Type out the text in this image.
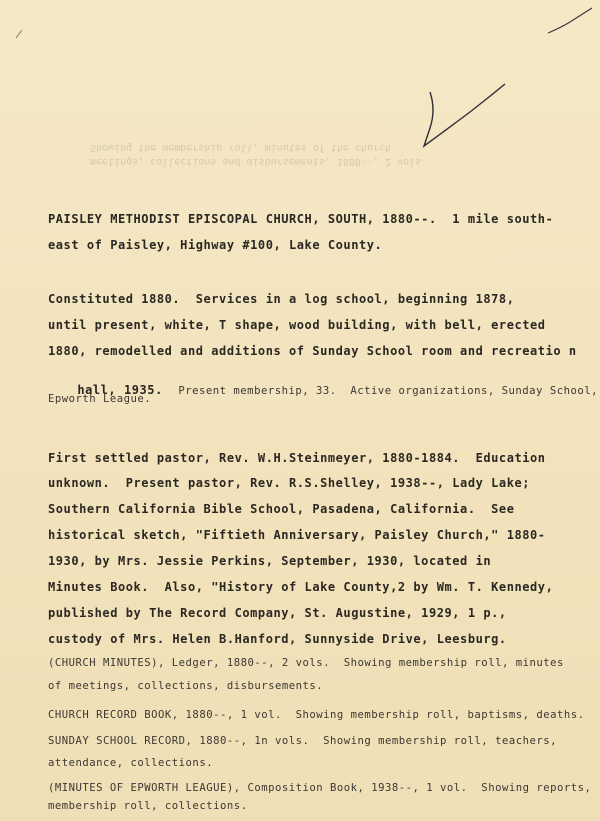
Showing the membership roll, minutes of the church
meetings, collections and disbursements, 1880--, 2 vols.
PAISLEY METHODIST EPISCOPAL CHURCH, SOUTH, 1880--.  1 mile south-
east of Paisley, Highway #100, Lake County.
Constituted 1880.  Services in a log school, beginning 1878,
until present, white, T shape, wood building, with bell, erected
1880, remodelled and additions of Sunday School room and recreatio n

hall, 1935.  Present membership, 33.  Active organizations, Sunday School,

Epworth League.
First settled pastor, Rev. W.H.Steinmeyer, 1880-1884.  Education
unknown.  Present pastor, Rev. R.S.Shelley, 1938--, Lady Lake;
Southern California Bible School, Pasadena, California.  See
historical sketch, "Fiftieth Anniversary, Paisley Church," 1880-
1930, by Mrs. Jessie Perkins, September, 1930, located in
Minutes Book.  Also, "History of Lake County,2 by Wm. T. Kennedy,
published by The Record Company, St. Augustine, 1929, 1 p.,
custody of Mrs. Helen B.Hanford, Sunnyside Drive, Leesburg.
(CHURCH MINUTES), Ledger, 1880--, 2 vols.  Showing membership roll, minutes
of meetings, collections, disbursements.
CHURCH RECORD BOOK, 1880--, 1 vol.  Showing membership roll, baptisms, deaths.
SUNDAY SCHOOL RECORD, 1880--, 1n vols.  Showing membership roll, teachers,
attendance, collections.
(MINUTES OF EPWORTH LEAGUE), Composition Book, 1938--, 1 vol.  Showing reports,
membership roll, collections.
